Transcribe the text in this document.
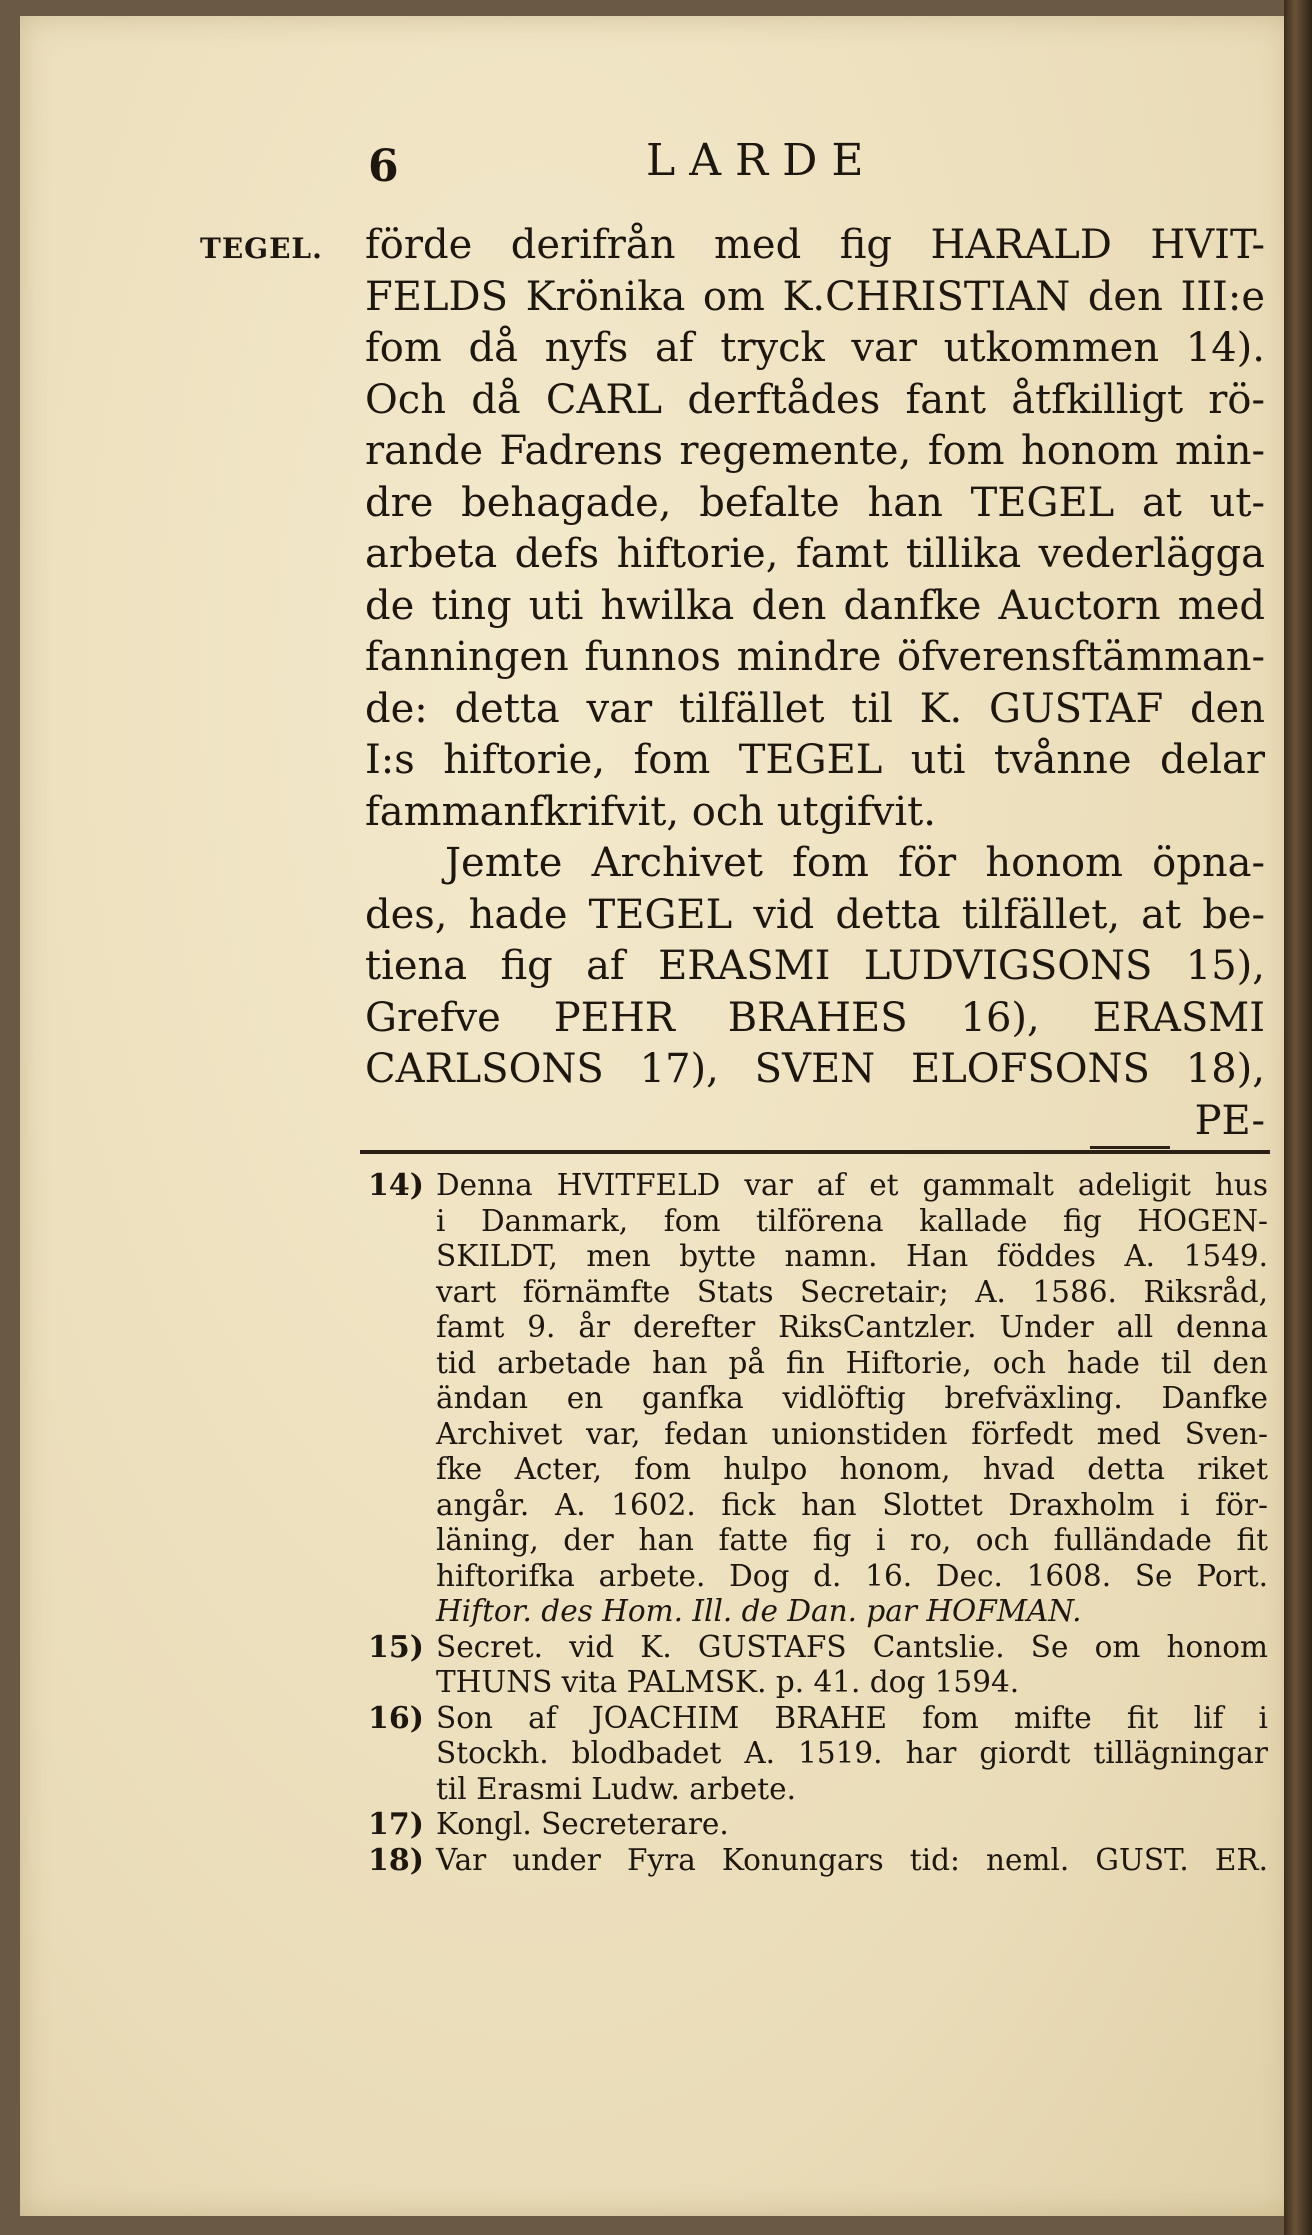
6	LARDE
TEGEL. förde derifrån med fig HARALD HVIT-
FELDS Krönika om K.CHRISTIAN den III:e
fom då nyfs af tryck var utkommen 14).
Och då CARL derftådes fant åtfkilligt rö-
rande Fadrens regemente, fom honom min-
dre behagade, befalte han TEGEL at ut-
arbeta defs hiftorie, famt tillika vederlägga
de ting uti hwilka den danfke Auctorn med
fanningen funnos mindre öfverensftämman-
de: detta var tilfället til K. GUSTAF den
I:s hiftorie, fom TEGEL uti tvånne delar
fammanfkrifvit, och utgifvit.
Jemte Archivet fom för honom öpna-
des, hade TEGEL vid detta tilfället, at be-
tiena fig af ERASMI LUDVIGSONS 15),
Grefve PEHR BRAHES 16), ERASMI
CARLSONS 17), SVEN ELOFSONS 18),
PE-
14) Denna HVITFELD var af et gammalt adeligit hus
i Danmark, fom tilförena kallade fig HOGEN-
SKILDT, men bytte namn. Han föddes A. 1549.
vart förnämfte Stats Secretair; A. 1586. Riksråd,
famt 9. år derefter RiksCantzler. Under all denna
tid arbetade han på fin Hiftorie, och hade til den
ändan en ganfka vidlöftig brefväxling. Danfke
Archivet var, fedan unionstiden förfedt med Sven-
fke Acter, fom hulpo honom, hvad detta riket
angår. A. 1602. fick han Slottet Draxholm i för-
läning, der han fatte fig i ro, och fulländade fit
hiftorifka arbete. Dog d. 16. Dec. 1608. Se Port.
Hiftor. des Hom. Ill. de Dan. par HOFMAN.
15) Secret. vid K. GUSTAFS Cantslie. Se om honom
THUNS vita PALMSK. p. 41. dog 1594.
16) Son af JOACHIM BRAHE fom mifte fit lif i
Stockh. blodbadet A. 1519. har giordt tillägningar
til Erasmi Ludw. arbete.
17) Kongl. Secreterare.
18) Var under Fyra Konungars tid: neml. GUST. ER.
